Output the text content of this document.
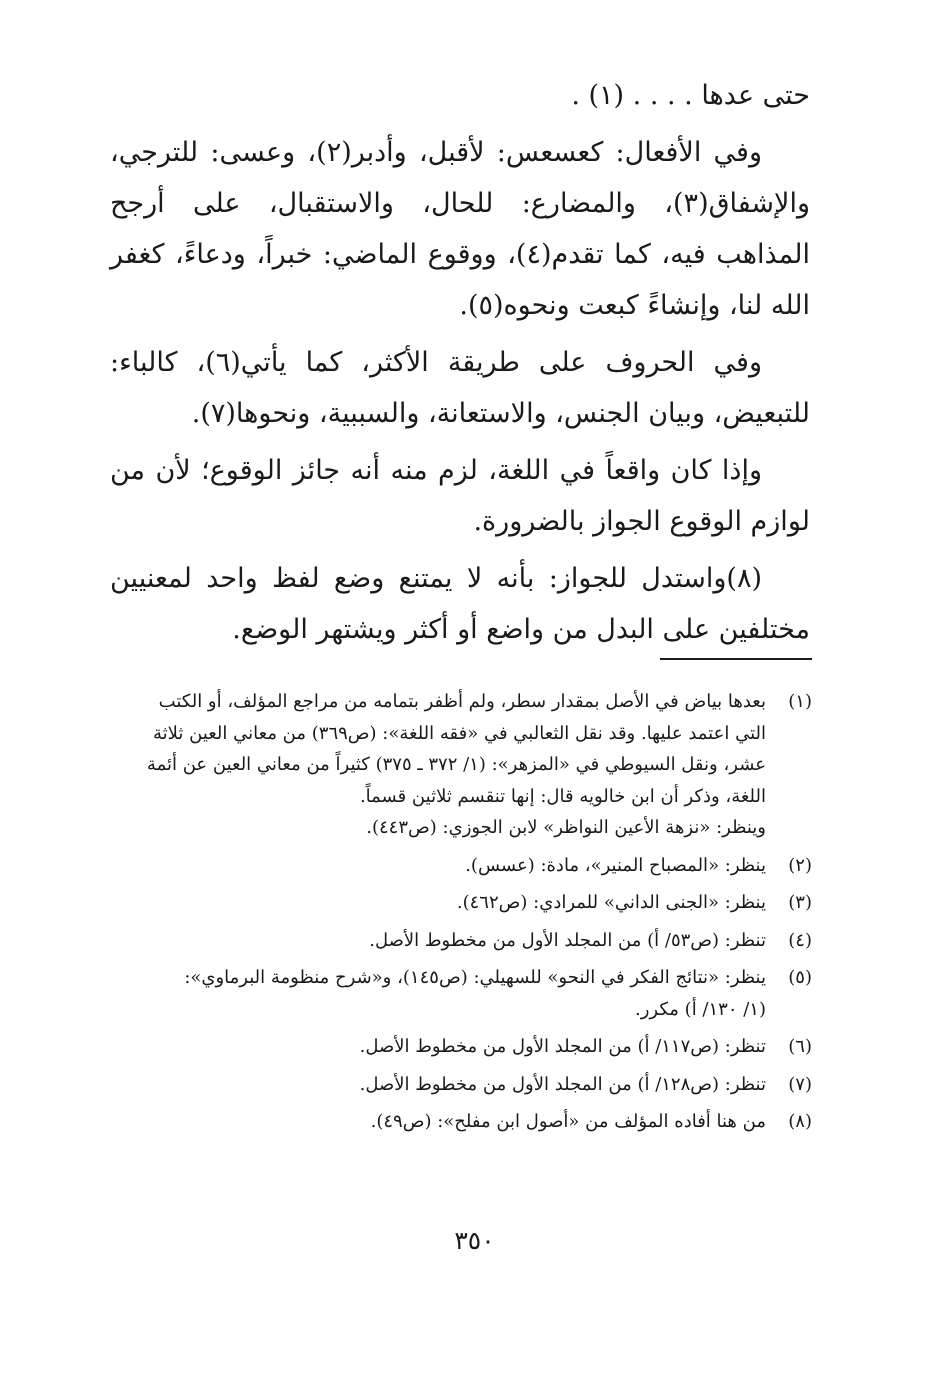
حتى عدها . . . . (١) .

وفي الأفعال: كعسعس: لأقبل، وأدبر(٢)، وعسى: للترجي، والإشفاق(٣)، والمضارع: للحال، والاستقبال، على أرجح المذاهب فيه، كما تقدم(٤)، ووقوع الماضي: خبراً، ودعاءً، كغفر الله لنا، وإنشاءً كبعت ونحوه(٥).

وفي الحروف على طريقة الأكثر، كما يأتي(٦)، كالباء: للتبعيض، وبيان الجنس، والاستعانة، والسببية، ونحوها(٧).

وإذا كان واقعاً في اللغة، لزم منه أنه جائز الوقوع؛ لأن من لوازم الوقوع الجواز بالضرورة.

(٨)واستدل للجواز: بأنه لا يمتنع وضع لفظ واحد لمعنيين مختلفين على البدل من واضع أو أكثر ويشتهر الوضع.

(١)
بعدها بياض في الأصل بمقدار سطر، ولم أظفر بتمامه من مراجع المؤلف، أو الكتب
التي اعتمد عليها. وقد نقل الثعالبي في «فقه اللغة»: (ص٣٦٩) من معاني العين ثلاثة
عشر، ونقل السيوطي في «المزهر»: (١/ ٣٧٢ ـ ٣٧٥) كثيراً من معاني العين عن أئمة
اللغة، وذكر أن ابن خالويه قال: إنها تنقسم ثلاثين قسماً.
وينظر: «نزهة الأعين النواظر» لابن الجوزي: (ص٤٤٣).
(٢)
ينظر: «المصباح المنير»، مادة: (عسس).
(٣)
ينظر: «الجنى الداني» للمرادي: (ص٤٦٢).
(٤)
تنظر: (ص٥٣/ أ) من المجلد الأول من مخطوط الأصل.
(٥)
ينظر: «نتائج الفكر في النحو» للسهيلي: (ص١٤٥)، و«شرح منظومة البرماوي»:
(١/ ١٣٠/ أ) مكرر.
(٦)
تنظر: (ص١١٧/ أ) من المجلد الأول من مخطوط الأصل.
(٧)
تنظر: (ص١٢٨/ أ) من المجلد الأول من مخطوط الأصل.
(٨)
من هنا أفاده المؤلف من «أصول ابن مفلح»: (ص٤٩).
٣٥٠
